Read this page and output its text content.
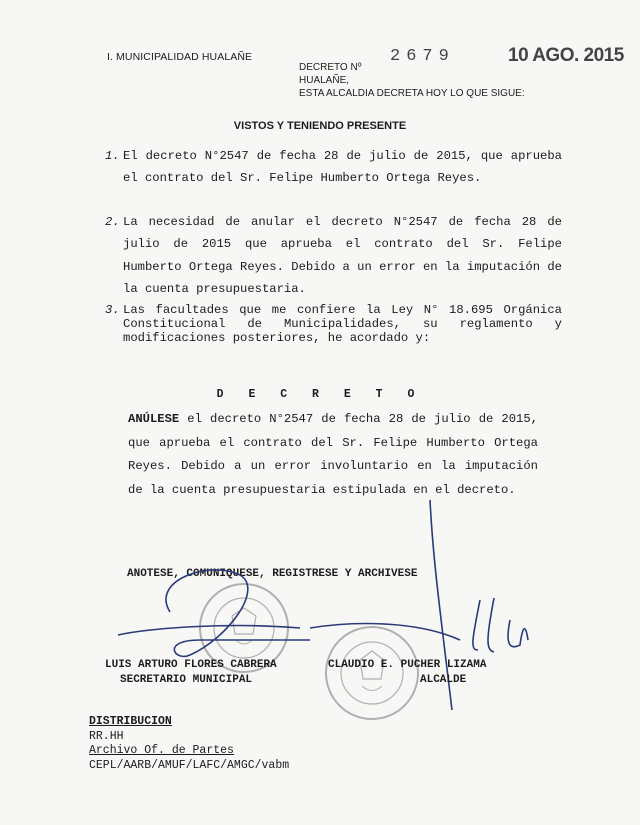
I. MUNICIPALIDAD HUALAÑE
DECRETO Nº
HUALAÑE,
ESTA ALCALDIA DECRETA HOY LO QUE SIGUE:
2679	10 AGO. 2015
VISTOS Y TENIENDO PRESENTE
1. El decreto N°2547 de fecha 28 de julio de 2015, que aprueba el contrato del Sr. Felipe Humberto Ortega Reyes.
2. La necesidad de anular el decreto N°2547 de fecha 28 de julio de 2015 que aprueba el contrato del Sr. Felipe Humberto Ortega Reyes. Debido a un error en la imputación de la cuenta presupuestaria.
3. Las facultades que me confiere la Ley N° 18.695 Orgánica Constitucional de Municipalidades, su reglamento y modificaciones posteriores, he acordado y:
D E C R E T O
ANÚLESE el decreto N°2547 de fecha 28 de julio de 2015, que aprueba el contrato del Sr. Felipe Humberto Ortega Reyes. Debido a un error involuntario en la imputación de la cuenta presupuestaria estipulada en el decreto.
ANOTESE, COMUNIQUESE, REGISTRESE Y ARCHIVESE
LUIS ARTURO FLORES CABRERA
SECRETARIO MUNICIPAL
CLAUDIO E. PUCHER LIZAMA
ALCALDE
DISTRIBUCION
RR.HH
Archivo Of. de Partes
CEPL/AARB/AMUF/LAFC/AMGC/vabm
